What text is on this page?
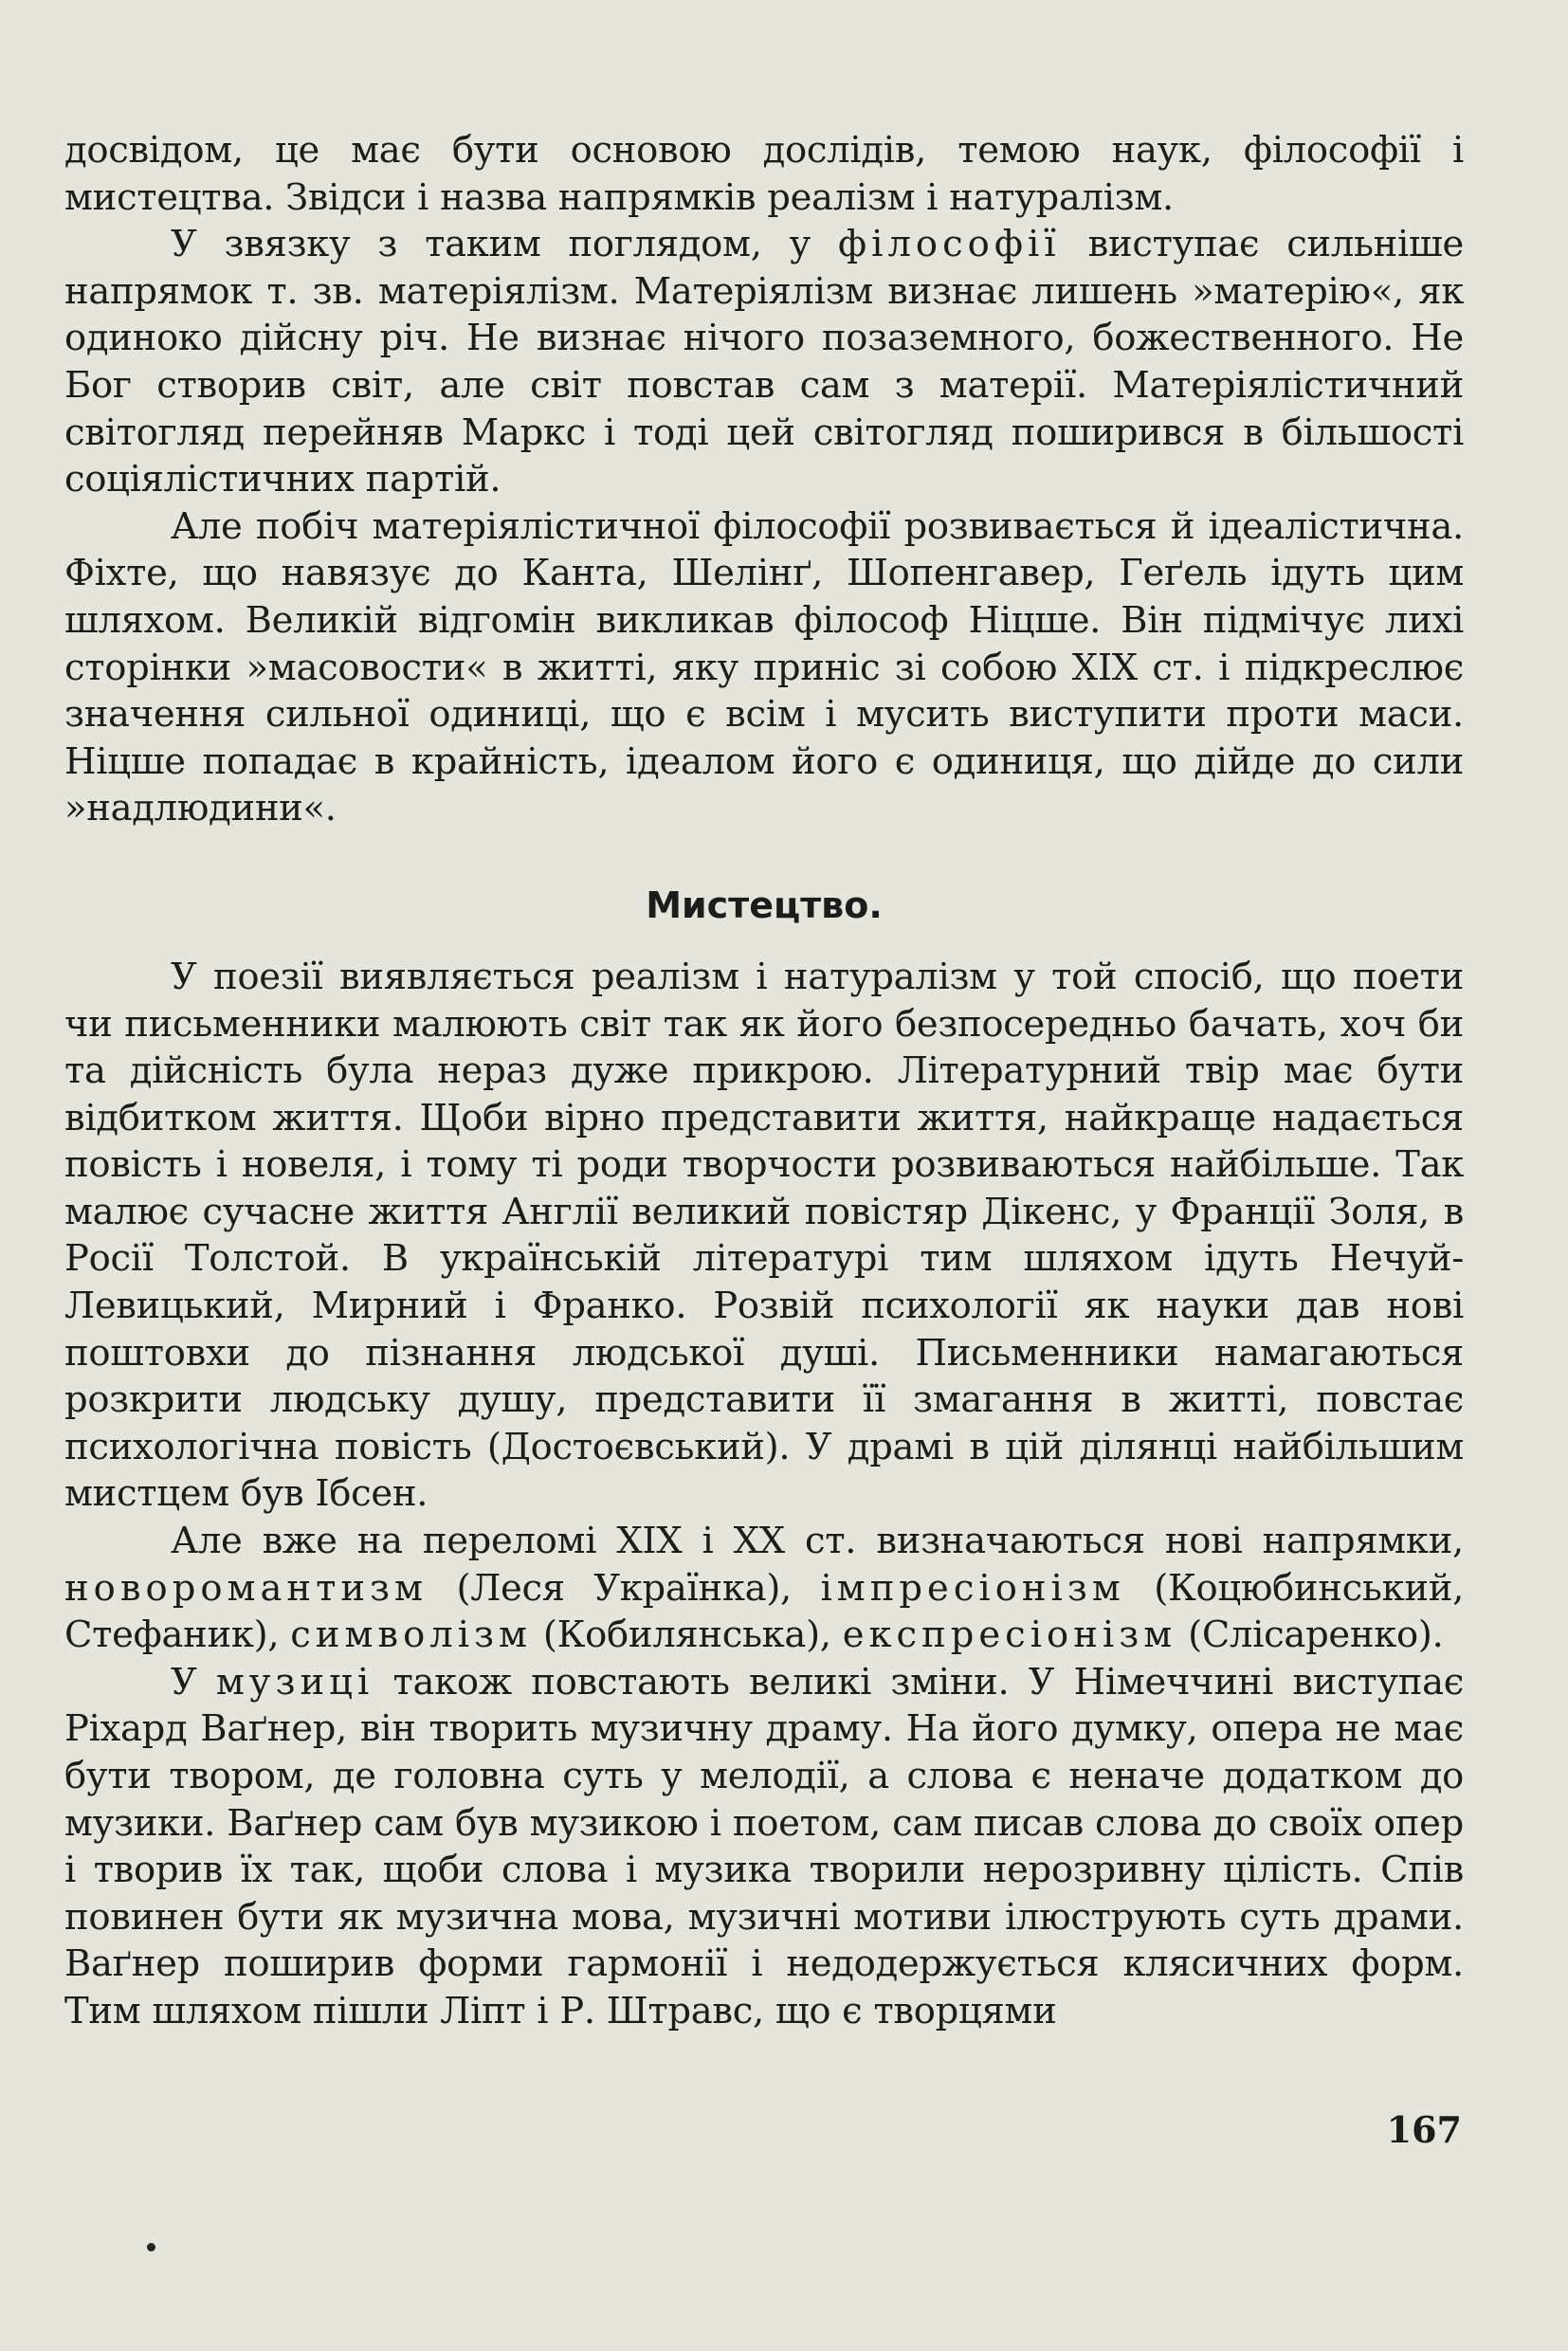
досвідом, це має бути основою дослідів, темою наук, філософії і мистецтва. Звідси і назва напрямків реалізм і натуралізм.

У звязку з таким поглядом, у філософії виступає сильніше напрямок т. зв. матеріялізм. Матеріялізм визнає лишень »матерію«, як одиноко дійсну річ. Не визнає нічого позаземного, божественного. Не Бог створив світ, але світ повстав сам з матерії. Матеріялістичний світогляд перейняв Маркс і тоді цей світогляд поширився в більшості соціялістичних партій.

Але побіч матеріялістичної філософії розвивається й ідеалістична. Фіхте, що навязує до Канта, Шелінґ, Шопенгавер, Геґель ідуть цим шляхом. Великій відгомін викликав філософ Ніцше. Він підмічує лихі сторінки »масовости« в житті, яку приніс зі собою XIX ст. і підкреслює значення сильної одиниці, що є всім і мусить виступити проти маси. Ніцше попадає в крайність, ідеалом його є одиниця, що дійде до сили »надлюдини«.

Мистецтво.

У поезії виявляється реалізм і натуралізм у той спосіб, що поети чи письменники малюють світ так як його безпосередньо бачать, хоч би та дійсність була нераз дуже прикрою. Літературний твір має бути відбитком життя. Щоби вірно представити життя, найкраще надається повість і новеля, і тому ті роди творчости розвиваються найбільше. Так малює сучасне життя Англії великий повістяр Дікенс, у Франції Золя, в Росії Толстой. В українській літературі тим шляхом ідуть Нечуй-Левицький, Мирний і Франко. Розвій психології як науки дав нові поштовхи до пізнання людської душі. Письменники намагаються розкрити людську душу, представити її змагання в житті, повстає психологічна повість (Достоєвський). У драмі в цій ділянці найбільшим мистцем був Ібсен.

Але вже на переломі XIX і XX ст. визначаються нові напрямки, новоромантизм (Леся Українка), імпресіонізм (Коцюбинський, Стефаник), символізм (Кобилянська), експресіонізм (Слісаренко).

У музиці також повстають великі зміни. У Німеччині виступає Ріхард Ваґнер, він творить музичну драму. На його думку, опера не має бути твором, де головна суть у мелодії, а слова є неначе додатком до музики. Ваґнер сам був музикою і поетом, сам писав слова до своїх опер і творив їх так, щоби слова і музика творили нерозривну цілість. Спів повинен бути як музична мова, музичні мотиви ілюструють суть драми. Ваґнер поширив форми гармонії і недодержується клясичних форм. Тим шляхом пішли Ліпт і Р. Штравс, що є творцями

167
